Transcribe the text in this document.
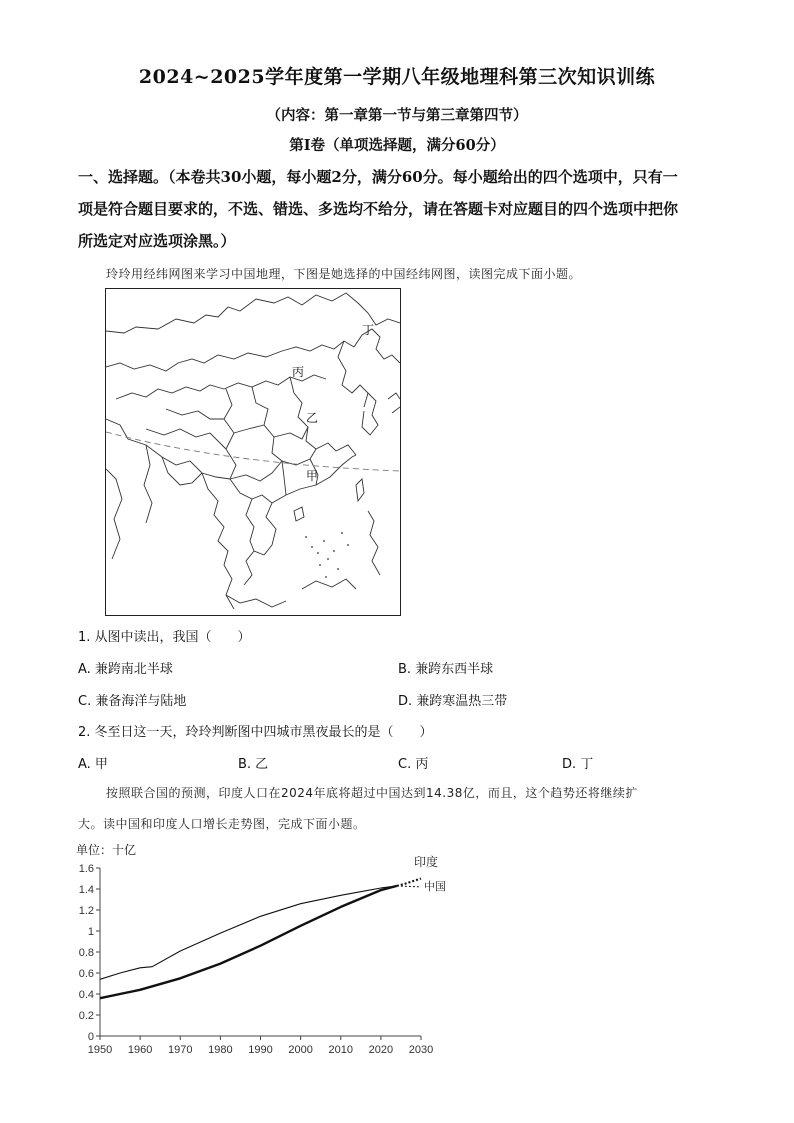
2024~2025学年度第一学期八年级地理科第三次知识训练
（内容：第一章第一节与第三章第四节）
第Ⅰ卷（单项选择题，满分60分）
一、选择题。（本卷共30小题，每小题2分，满分60分。每小题给出的四个选项中，只有一
项是符合题目要求的，不选、错选、多选均不给分，请在答题卡对应题目的四个选项中把你
所选定对应选项涂黑。）
玲玲用经纬网图来学习中国地理，下图是她选择的中国经纬网图，读图完成下面小题。
丁
丙
乙
甲
1. 从图中读出，我国（　　）
A. 兼跨南北半球	B. 兼跨东西半球
C. 兼备海洋与陆地	D. 兼跨寒温热三带
2. 冬至日这一天，玲玲判断图中四城市黑夜最长的是（　　）
A. 甲	B. 乙	C. 丙	D. 丁
按照联合国的预测，印度人口在2024年底将超过中国达到14.38亿，而且，这个趋势还将继续扩
大。读中国和印度人口增长走势图，完成下面小题。
单位：十亿
0
0.2
0.4
0.6
0.8
1
1.2
1.4
1.6
1950 1960 1970 1980 1990 2000 2010 2020 2030
印度
中国
